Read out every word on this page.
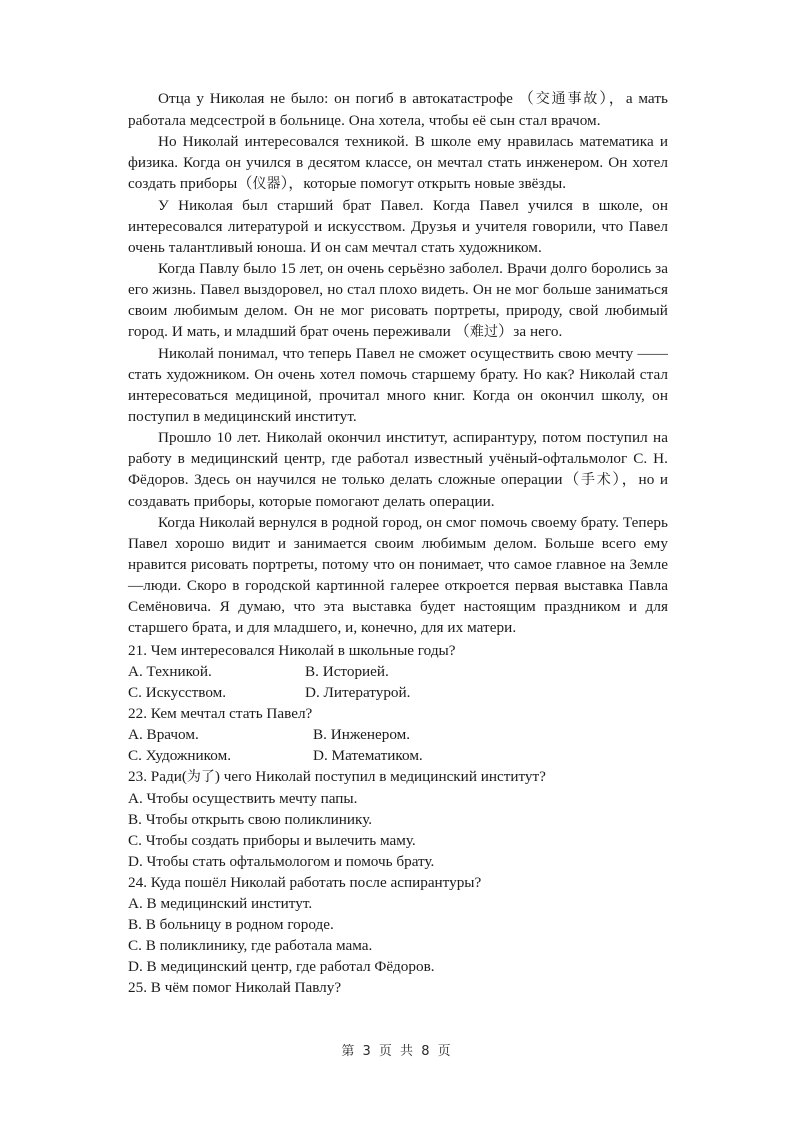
Отца у Николая не было: он погиб в автокатастрофе （交通事故），а мать работала медсестрой в больнице. Она хотела, чтобы её сын стал врачом.

Но Николай интересовался техникой. В школе ему нравилась математика и физика. Когда он учился в десятом классе, он мечтал стать инженером. Он хотел создать приборы（仪器），которые помогут открыть новые звёзды.

У Николая был старший брат Павел. Когда Павел учился в школе, он интересовался литературой и искусством. Друзья и учителя говорили, что Павел очень талантливый юноша. И он сам мечтал стать художником.

Когда Павлу было 15 лет, он очень серьёзно заболел. Врачи долго боролись за его жизнь. Павел выздоровел, но стал плохо видеть. Он не мог больше заниматься своим любимым делом. Он не мог рисовать портреты, природу, свой любимый город. И мать, и младший брат очень переживали （难过）за него.

Николай понимал, что теперь Павел не сможет осуществить свою мечту —— стать художником. Он очень хотел помочь старшему брату. Но как? Николай стал интересоваться медициной, прочитал много книг. Когда он окончил школу, он поступил в медицинский институт.

Прошло 10 лет. Николай окончил институт, аспирантуру, потом поступил на работу в медицинский центр, где работал известный учёный-офтальмолог С. Н. Фёдоров. Здесь он научился не только делать сложные операции（手术），но и создавать приборы, которые помогают делать операции.

Когда Николай вернулся в родной город, он смог помочь своему брату. Теперь Павел хорошо видит и занимается своим любимым делом. Больше всего ему нравится рисовать портреты, потому что он понимает, что самое главное на Земле —люди. Скоро в городской картинной галерее откроется первая выставка Павла Семёновича. Я думаю, что эта выставка будет настоящим праздником и для старшего брата, и для младшего, и, конечно, для их матери.

21. Чем интересовался Николай в школьные годы?
A. Техникой.	B. Историей.
C. Искусством.	D. Литературой.
22. Кем мечтал стать Павел?
A. Врачом.	B. Инженером.
C. Художником.	D. Математиком.
23. Ради(为了) чего Николай поступил в медицинский институт?
A. Чтобы осуществить мечту папы.
B. Чтобы открыть свою поликлинику.
C. Чтобы создать приборы и вылечить маму.
D. Чтобы стать офтальмологом и помочь брату.
24. Куда пошёл Николай работать после аспирантуры?
A. В медицинский институт.
B. В больницу в родном городе.
C. В поликлинику, где работала мама.
D. В медицинский центр, где работал Фёдоров.
25. В чём помог Николай Павлу?
第 3 页 共 8 页
